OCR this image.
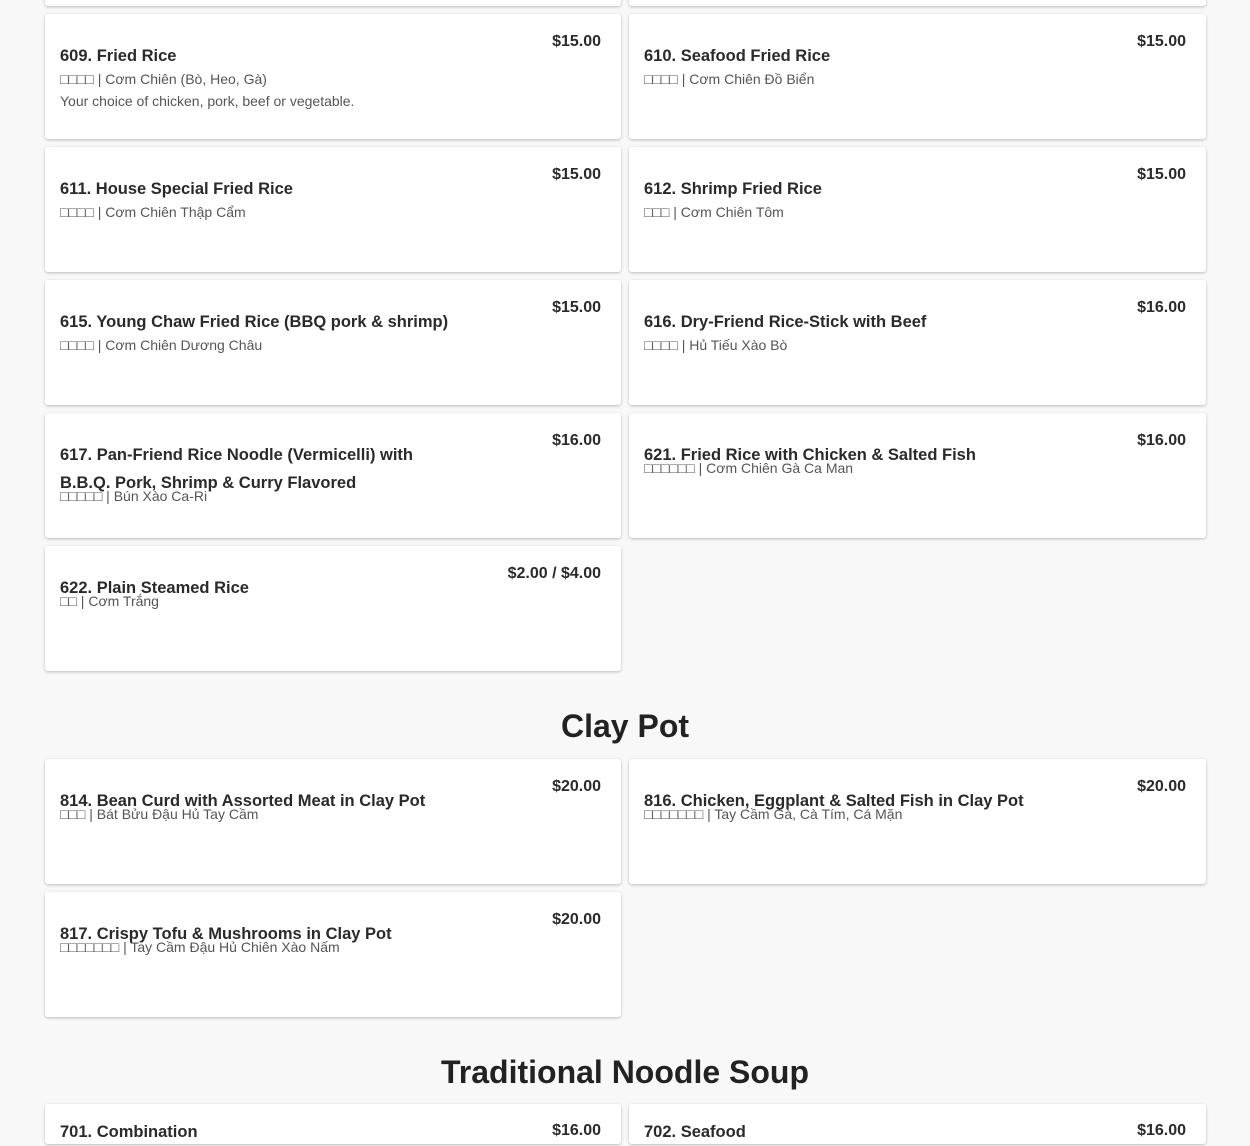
609. Fried Rice
$15.00
□□□□ | Cơm Chiên (Bò, Heo, Gà)
Your choice of chicken, pork, beef or vegetable.
610. Seafood Fried Rice
$15.00
□□□□ | Cơm Chiên Đồ Biển
611. House Special Fried Rice
$15.00
□□□□ | Cơm Chiên Thập Cẩm
612. Shrimp Fried Rice
$15.00
□□□ | Cơm Chiên Tôm
615. Young Chaw Fried Rice (BBQ pork & shrimp)
$15.00
□□□□ | Cơm Chiên Dương Châu
616. Dry-Friend Rice-Stick with Beef
$16.00
□□□□ | Hủ Tiếu Xào Bò
617. Pan-Friend Rice Noodle (Vermicelli) with B.B.Q. Pork, Shrimp & Curry Flavored
$16.00
□□□□□ | Bún Xào Ca-Ri
621. Fried Rice with Chicken & Salted Fish
$16.00
□□□□□□ | Cơm Chiên Gà Ca Man
622. Plain Steamed Rice
$2.00 / $4.00
□□ | Cơm Trắng
Clay Pot
814. Bean Curd with Assorted Meat in Clay Pot
$20.00
□□□ | Bát Bửu Đậu Hủ Tay Cầm
816. Chicken, Eggplant & Salted Fish in Clay Pot
$20.00
□□□□□□□ | Tay Cầm Gà, Cà Tím, Cá Mặn
817. Crispy Tofu & Mushrooms in Clay Pot
$20.00
□□□□□□□ | Tay Cầm Đậu Hủ Chiên Xào Nấm
Traditional Noodle Soup
701. Combination	$16.00	702. Seafood	$16.00
